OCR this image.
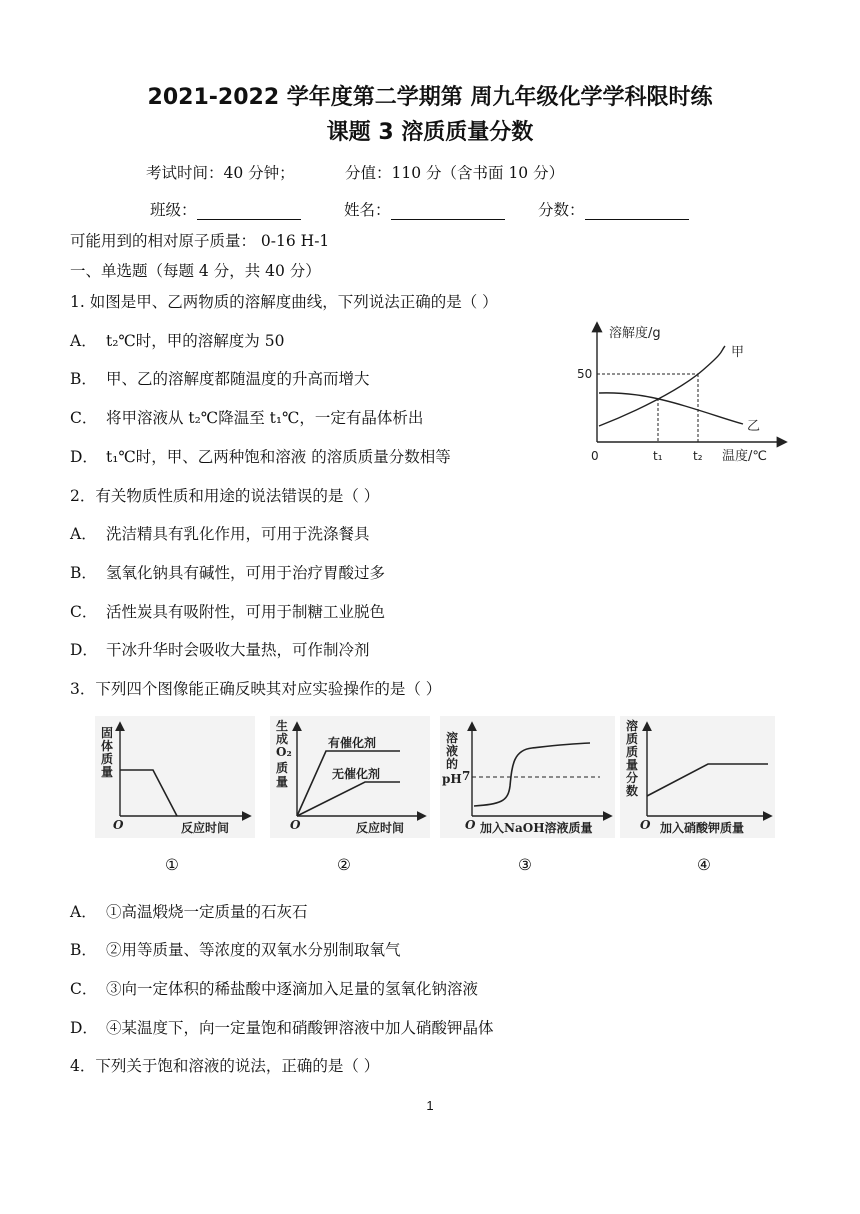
2021-2022 学年度第二学期第 周九年级化学学科限时练
课题 3 溶质质量分数
考试时间：40 分钟；	分值：110 分（含书面 10 分）
班级：	姓名：	分数：
可能用到的相对原子质量： 0-16 H-1
一、单选题（每题 4 分，共 40 分）
1. 如图是甲、乙两物质的溶解度曲线，下列说法正确的是（ ）
A． t₂℃时，甲的溶解度为 50
B． 甲、乙的溶解度都随温度的升高而增大
C． 将甲溶液从 t₂℃降温至 t₁℃，一定有晶体析出
D． t₁℃时，甲、乙两种饱和溶液 的溶质质量分数相等
溶解度/g
温度/℃
0
50
t₁	t₂
甲
乙
2．有关物质性质和用途的说法错误的是（ ）
A． 洗洁精具有乳化作用，可用于洗涤餐具
B． 氢氧化钠具有碱性，可用于治疗胃酸过多
C． 活性炭具有吸附性，可用于制糖工业脱色
D． 干冰升华时会吸收大量热，可作制冷剂
3．下列四个图像能正确反映其对应实验操作的是（ ）
固
体
质
量
O	反应时间
生
成
O₂
质
量
O	反应时间
有催化剂
无催化剂
溶
液
的
pH 7
O 加入NaOH溶液质量
溶
质
质
量
分
数
O 加入硝酸钾质量
①	②	③	④
A． ①高温煅烧一定质量的石灰石
B． ②用等质量、等浓度的双氧水分别制取氧气
C． ③向一定体积的稀盐酸中逐滴加入足量的氢氧化钠溶液
D． ④某温度下，向一定量饱和硝酸钾溶液中加人硝酸钾晶体
4．下列关于饱和溶液的说法，正确的是（ ）
1
